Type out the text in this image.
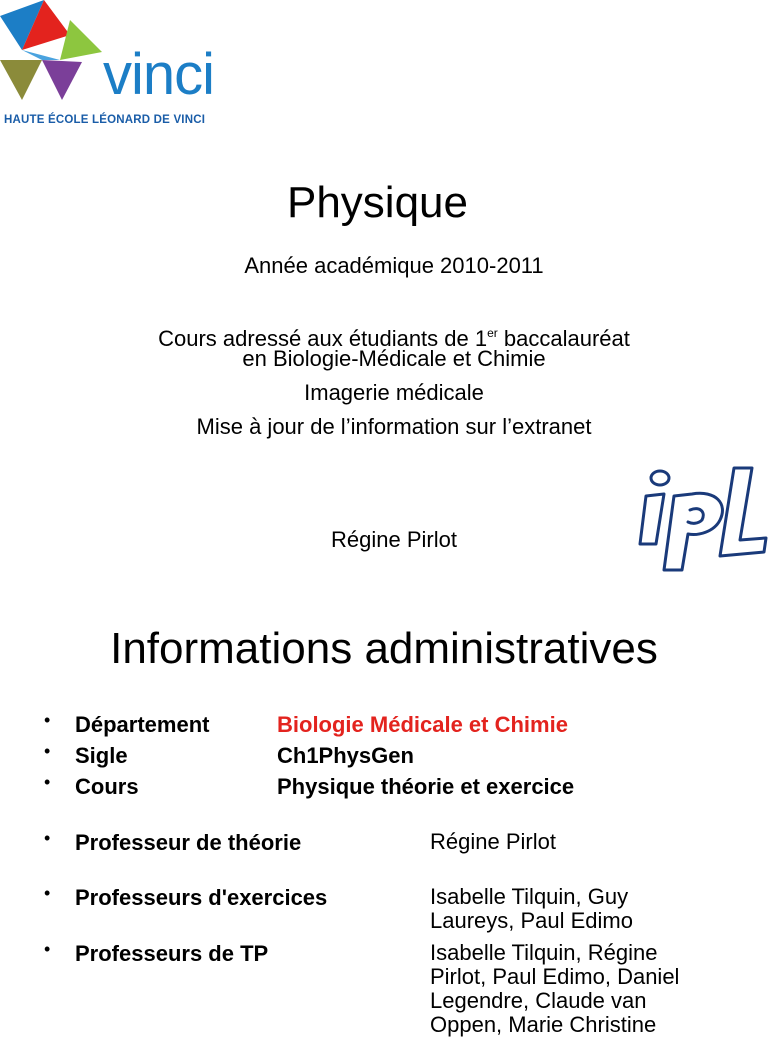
vinci
HAUTE ÉCOLE LÉONARD DE VINCI
Physique
Année académique 2010-2011
Cours adressé aux étudiants de 1er baccalauréat
en Biologie-Médicale et Chimie
Imagerie médicale
Mise à jour de l’information sur l’extranet
Régine Pirlot
Informations administratives
• Département	Biologie Médicale et Chimie
• Sigle	Ch1PhysGen
• Cours	Physique théorie et exercice
• Professeur de théorie	Régine Pirlot
• Professeurs d'exercices	Isabelle Tilquin, Guy
Laureys, Paul Edimo
• Professeurs de TP	Isabelle Tilquin, Régine
Pirlot, Paul Edimo, Daniel
Legendre, Claude van
Oppen, Marie Christine
